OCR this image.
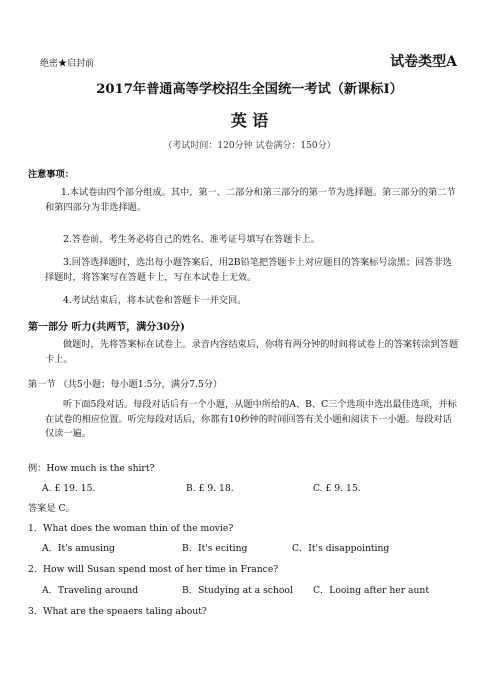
绝密★启封前	试卷类型A
2017年普通高等学校招生全国统一考试（新课标I）
英 语
（考试时间：120分钟 试卷满分：150分）
注意事项：
1.本试卷由四个部分组成。其中，第一、二部分和第三部分的第一节为选择题。第三部分的第二节和第四部分为非选择题。
2.答卷前，考生务必将自己的姓名、准考证号填写在答题卡上。
3.回答选择题时，选出每小题答案后，用2B铅笔把答题卡上对应题目的答案标号涂黑；回答非选择题时，将答案写在答题卡上，写在本试卷上无效。
4.考试结束后，将本试卷和答题卡一并交回。
第一部分 听力(共两节，满分30分)
做题时，先将答案标在试卷上。录音内容结束后，你将有两分钟的时间将试卷上的答案转涂到答题卡上。
第一节 （共5小题；每小题1.5分，满分7.5分）
听下面5段对话。每段对话后有一个小题，从题中所给的A、B、C三个选项中选出最佳选项，并标在试卷的相应位置。听完每段对话后，你都有10秒钟的时间回答有关小题和阅读下一小题。每段对话仅读一遍。
例：How much is the shirt?
A. £ 19. 15.	B. £ 9. 18.	C. £ 9. 15.
答案是 C。
1．What does the woman thin of the movie?
A．It's amusing	B．It's eciting	C．It's disappointing
2．How will Susan spend most of her time in France?
A．Traveling around	B．Studying at a school C．Looing after her aunt
3．What are the speaers taling about?
